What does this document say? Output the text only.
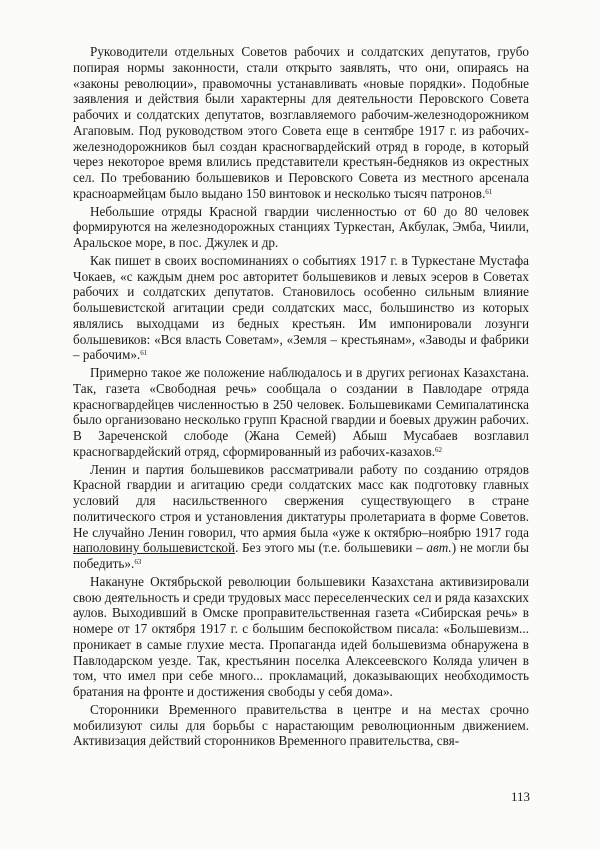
Руководители отдельных Советов рабочих и солдатских депутатов, грубо попирая нормы законности, стали открыто заявлять, что они, опираясь на «законы революции», правомочны устанавливать «новые порядки». Подобные заявления и действия были характерны для деятельности Перовского Совета рабочих и солдатских депутатов, возглавляемого рабочим-железнодорожником Агаповым. Под руководством этого Совета еще в сентябре 1917 г. из рабочих-железнодорожников был создан красногвардейский отряд в городе, в который через некоторое время влились представители крестьян-бедняков из окрестных сел. По требованию большевиков и Перовского Совета из местного арсенала красноармейцам было выдано 150 винтовок и несколько тысяч патронов.$^{61}$

Небольшие отряды Красной гвардии численностью от 60 до 80 человек формируются на железнодорожных станциях Туркестан, Акбулак, Эмба, Чиили, Аральское море, в пос. Джулек и др.

Как пишет в своих воспоминаниях о событиях 1917 г. в Туркестане Мустафа Чокаев, «с каждым днем рос авторитет большевиков и левых эсеров в Советах рабочих и солдатских депутатов. Становилось особенно сильным влияние большевистской агитации среди солдатских масс, большинство из которых являлись выходцами из бедных крестьян. Им импонировали лозунги большевиков: «Вся власть Советам», «Земля – крестьянам», «Заводы и фабрики – рабочим».$^{61}$

Примерно такое же положение наблюдалось и в других регионах Казахстана. Так, газета «Свободная речь» сообщала о создании в Павлодаре отряда красногвардейцев численностью в 250 человек. Большевиками Семипалатинска было организовано несколько групп Красной гвардии и боевых дружин рабочих. В Зареченской слободе (Жана Семей) Абыш Мусабаев возглавил красногвардейский отряд, сформированный из рабочих-казахов.$^{62}$

Ленин и партия большевиков рассматривали работу по созданию отрядов Красной гвардии и агитацию среди солдатских масс как подготовку главных условий для насильственного свержения существующего в стране политического строя и установления диктатуры пролетариата в форме Советов. Не случайно Ленин говорил, что армия была «уже к октябрю–ноябрю 1917 года наполовину большевистской. Без этого мы (т.е. большевики – авт.) не могли бы победить».$^{63}$

Накануне Октябрьской революции большевики Казахстана активизировали свою деятельность и среди трудовых масс переселенческих сел и ряда казахских аулов. Выходивший в Омске проправительственная газета «Сибирская речь» в номере от 17 октября 1917 г. с большим беспокойством писала: «Большевизм... проникает в самые глухие места. Пропаганда идей большевизма обнаружена в Павлодарском уезде. Так, крестьянин поселка Алексеевского Коляда уличен в том, что имел при себе много... прокламаций, доказывающих необходимость братания на фронте и достижения свободы у себя дома».

Сторонники Временного правительства в центре и на местах срочно мобилизуют силы для борьбы с нарастающим революционным движением. Активизация действий сторонников Временного правительства, свя-

113
